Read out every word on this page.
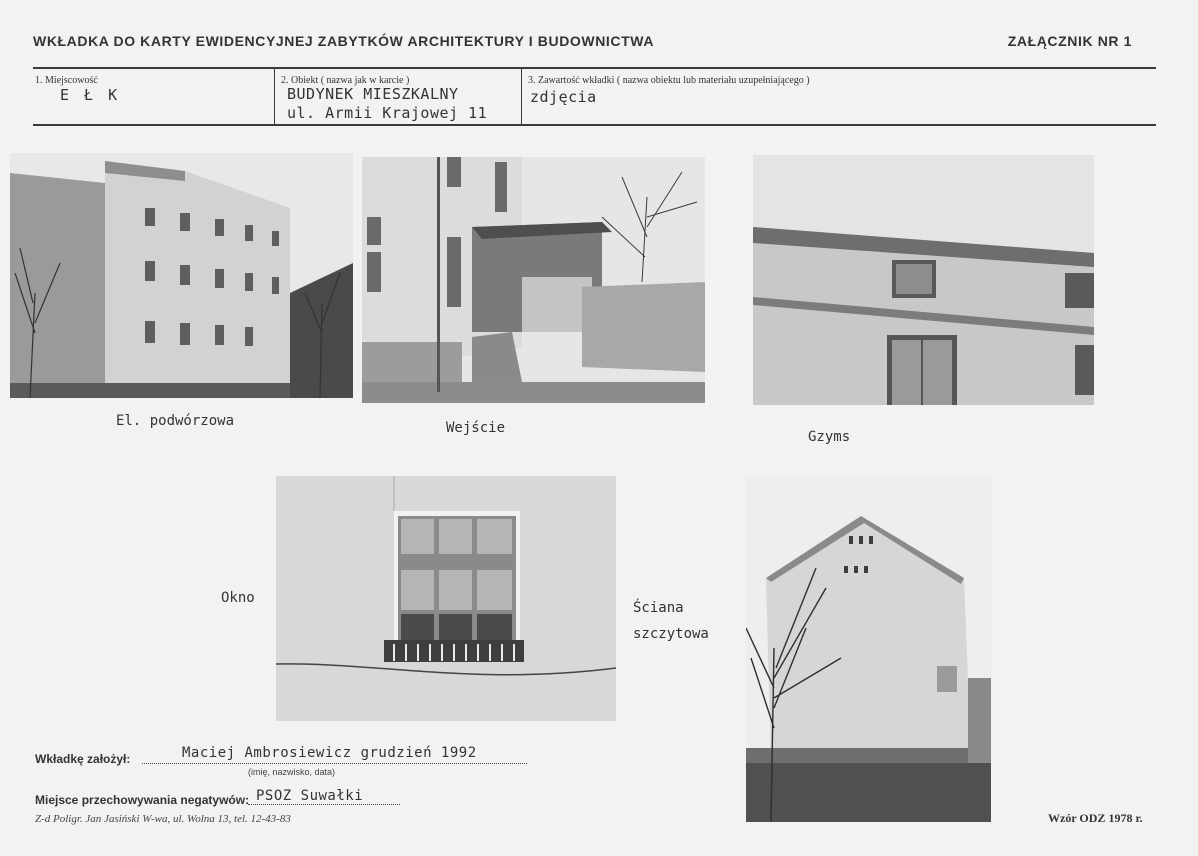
WKŁADKA DO KARTY EWIDENCYJNEJ ZABYTKÓW ARCHITEKTURY I BUDOWNICTWA	ZAŁĄCZNIK NR 1
1. Miejscowość
E Ł K
2. Obiekt ( nazwa jak w karcie )
BUDYNEK MIESZKALNY
ul. Armii Krajowej 11
3. Zawartość wkładki ( nazwa obiektu lub materiału uzupełniającego )
zdjęcia
El. podwórzowa	Wejście
Gzyms
Okno
Ściana
szczytowa
Wkładkę założył:	Maciej Ambrosiewicz grudzień 1992
(imię, nazwisko, data)
Miejsce przechowywania negatywów: PSOZ Suwałki
Z-d Poligr. Jan Jasiński W-wa, ul. Wolna 13, tel. 12-43-83	Wzór ODZ 1978 r.
